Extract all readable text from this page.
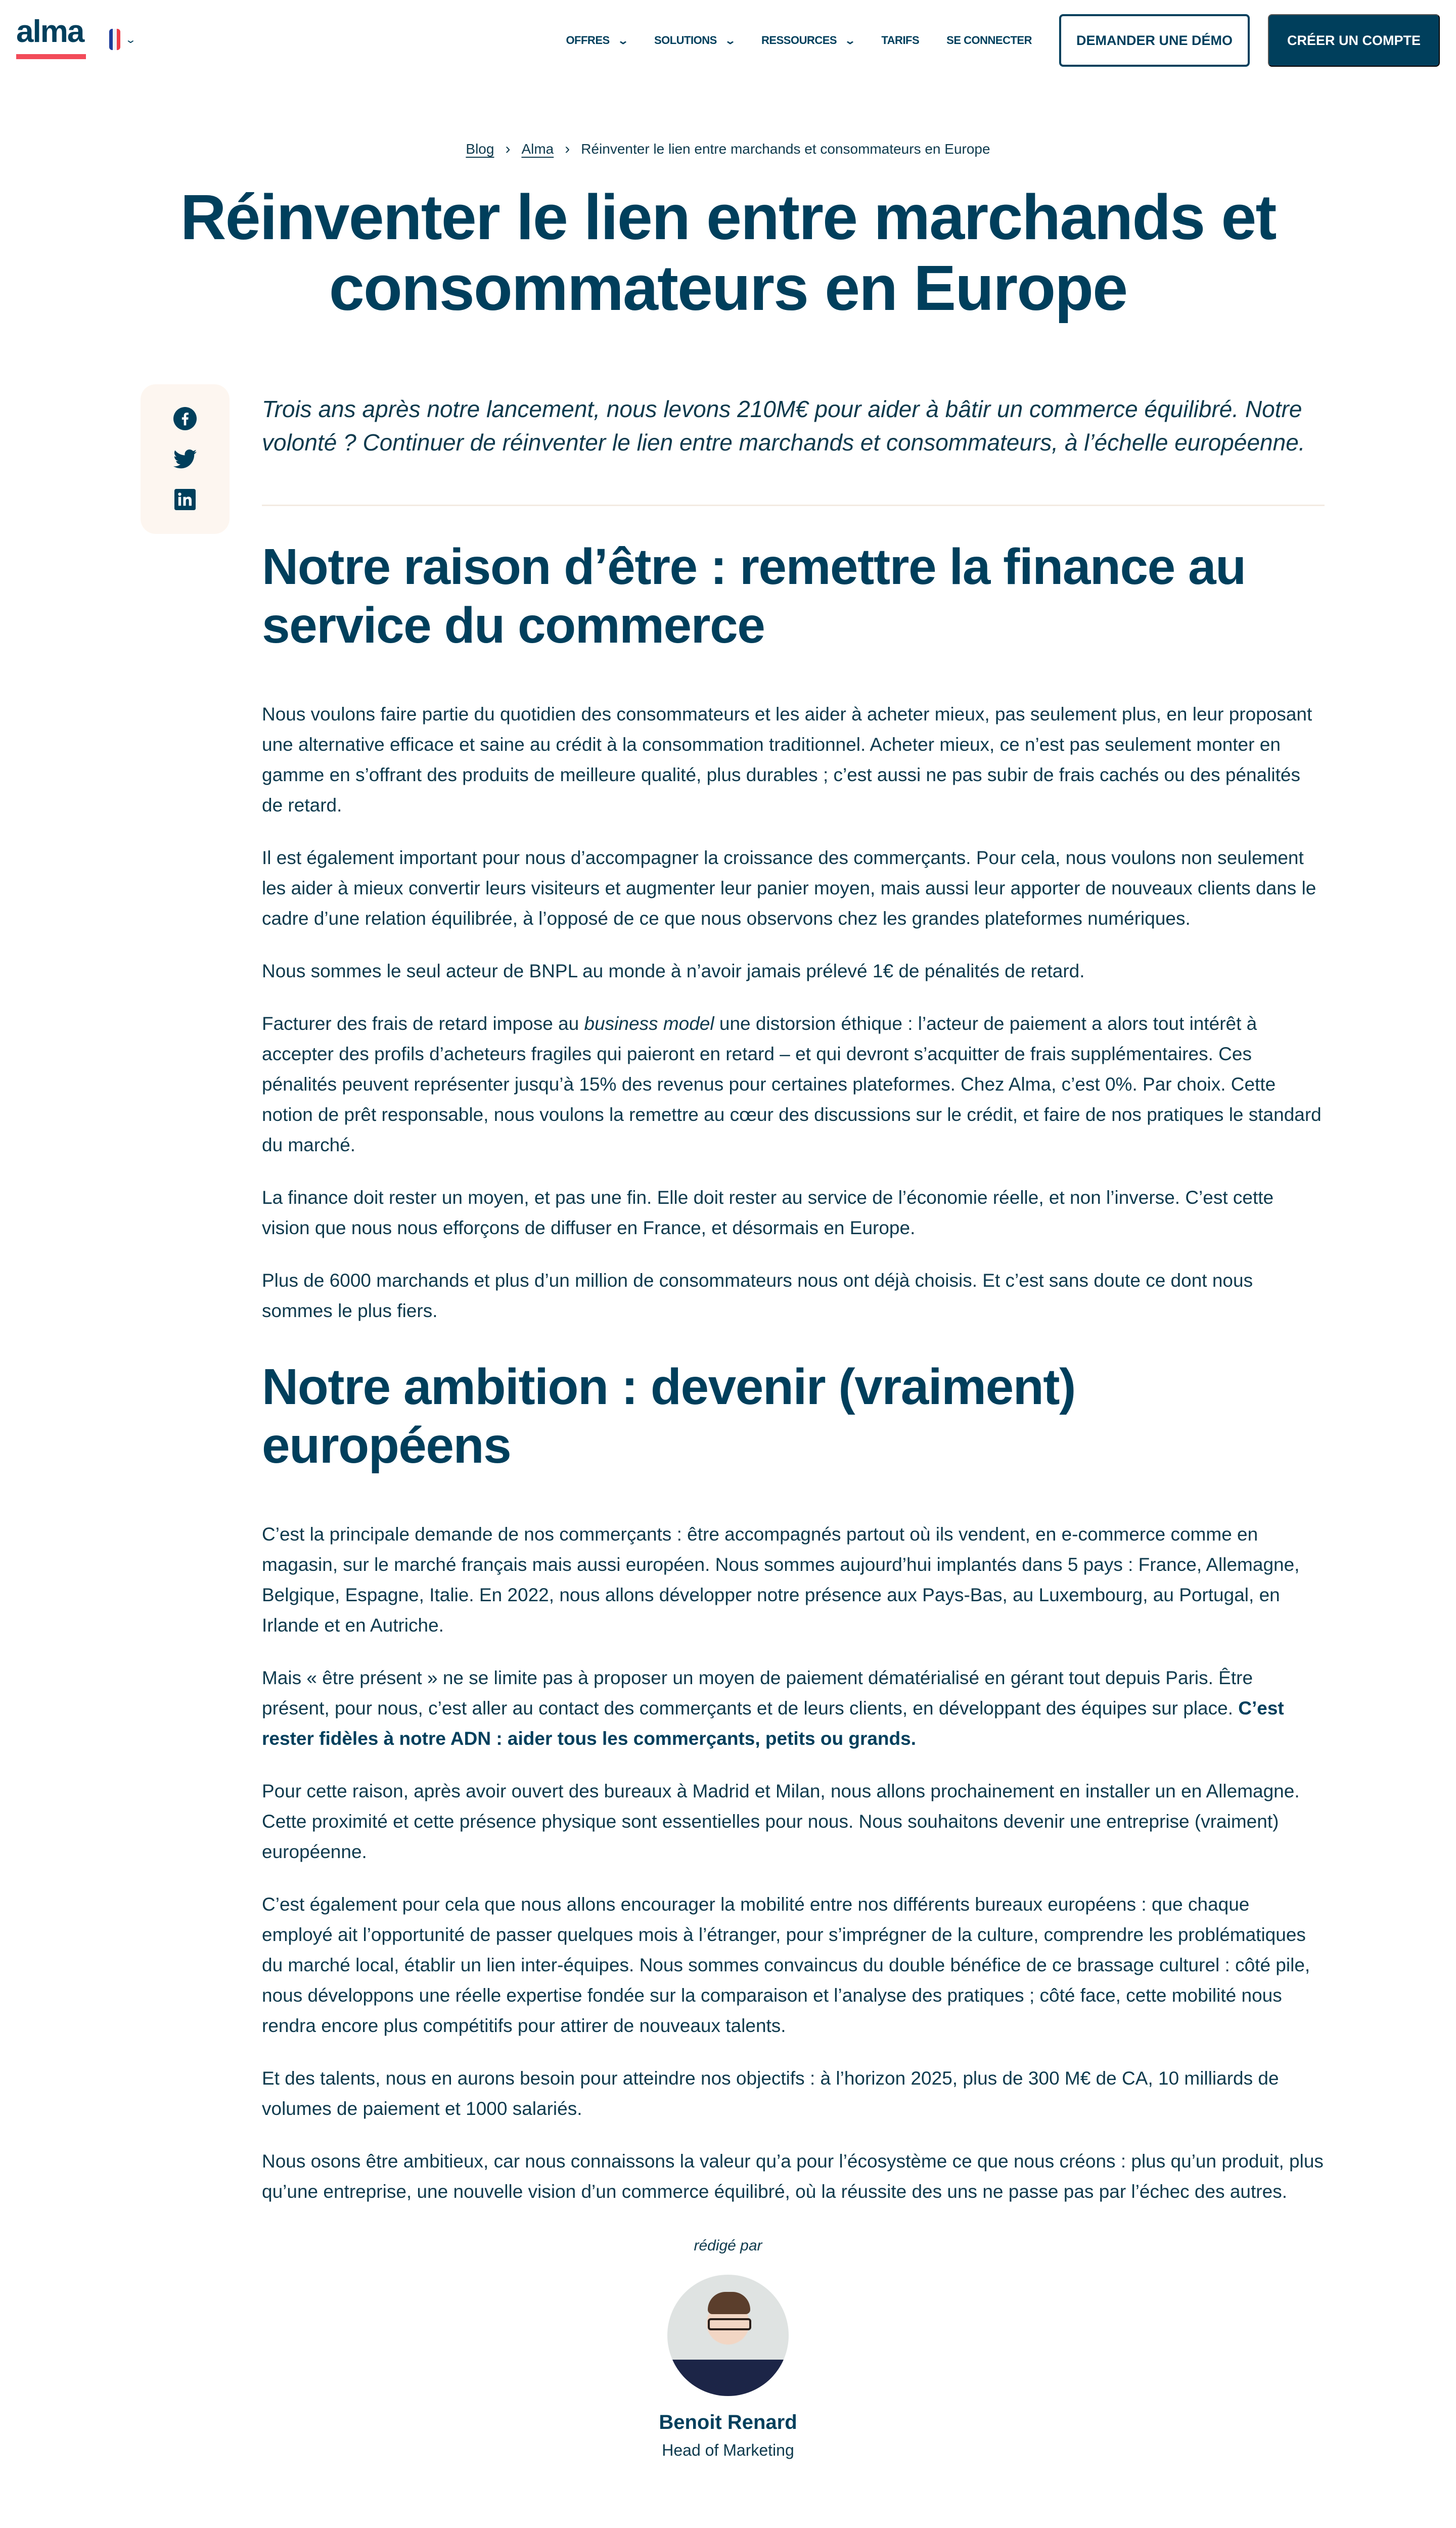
alma	⌄	OFFRES ⌄ SOLUTIONS ⌄ RESSOURCES ⌄ TARIFS SE CONNECTER	DEMANDER UNE DÉMO	CRÉER UN COMPTE
Blog › Alma › Réinventer le lien entre marchands et consommateurs en Europe
Réinventer le lien entre marchands et consommateurs en Europe

Trois ans après notre lancement, nous levons 210M€ pour aider à bâtir un commerce équilibré. Notre volonté ? Continuer de réinventer le lien entre marchands et consommateurs, à l’échelle européenne.

Notre raison d’être : remettre la finance au service du commerce

Nous voulons faire partie du quotidien des consommateurs et les aider à acheter mieux, pas seulement plus, en leur proposant une alternative efficace et saine au crédit à la consommation traditionnel. Acheter mieux, ce n’est pas seulement monter en gamme en s’offrant des produits de meilleure qualité, plus durables ; c’est aussi ne pas subir de frais cachés ou des pénalités de retard.

Il est également important pour nous d’accompagner la croissance des commerçants. Pour cela, nous voulons non seulement les aider à mieux convertir leurs visiteurs et augmenter leur panier moyen, mais aussi leur apporter de nouveaux clients dans le cadre d’une relation équilibrée, à l’opposé de ce que nous observons chez les grandes plateformes numériques.

Nous sommes le seul acteur de BNPL au monde à n’avoir jamais prélevé 1€ de pénalités de retard.

Facturer des frais de retard impose au business model une distorsion éthique : l’acteur de paiement a alors tout intérêt à accepter des profils d’acheteurs fragiles qui paieront en retard – et qui devront s’acquitter de frais supplémentaires. Ces pénalités peuvent représenter jusqu’à 15% des revenus pour certaines plateformes. Chez Alma, c’est 0%. Par choix. Cette notion de prêt responsable, nous voulons la remettre au cœur des discussions sur le crédit, et faire de nos pratiques le standard du marché.

La finance doit rester un moyen, et pas une fin. Elle doit rester au service de l’économie réelle, et non l’inverse. C’est cette vision que nous nous efforçons de diffuser en France, et désormais en Europe.

Plus de 6000 marchands et plus d’un million de consommateurs nous ont déjà choisis. Et c’est sans doute ce dont nous sommes le plus fiers.

Notre ambition : devenir (vraiment) européens

C’est la principale demande de nos commerçants : être accompagnés partout où ils vendent, en e-commerce comme en magasin, sur le marché français mais aussi européen. Nous sommes aujourd’hui implantés dans 5 pays : France, Allemagne, Belgique, Espagne, Italie. En 2022, nous allons développer notre présence aux Pays-Bas, au Luxembourg, au Portugal, en Irlande et en Autriche.

Mais « être présent » ne se limite pas à proposer un moyen de paiement dématérialisé en gérant tout depuis Paris. Être présent, pour nous, c’est aller au contact des commerçants et de leurs clients, en développant des équipes sur place. C’est rester fidèles à notre ADN : aider tous les commerçants, petits ou grands.

Pour cette raison, après avoir ouvert des bureaux à Madrid et Milan, nous allons prochainement en installer un en Allemagne. Cette proximité et cette présence physique sont essentielles pour nous. Nous souhaitons devenir une entreprise (vraiment) européenne.

C’est également pour cela que nous allons encourager la mobilité entre nos différents bureaux européens : que chaque employé ait l’opportunité de passer quelques mois à l’étranger, pour s’imprégner de la culture, comprendre les problématiques du marché local, établir un lien inter-équipes. Nous sommes convaincus du double bénéfice de ce brassage culturel : côté pile, nous développons une réelle expertise fondée sur la comparaison et l’analyse des pratiques ; côté face, cette mobilité nous rendra encore plus compétitifs pour attirer de nouveaux talents.

Et des talents, nous en aurons besoin pour atteindre nos objectifs : à l’horizon 2025, plus de 300 M€ de CA, 10 milliards de volumes de paiement et 1000 salariés.

Nous osons être ambitieux, car nous connaissons la valeur qu’a pour l’écosystème ce que nous créons : plus qu’un produit, plus qu’une entreprise, une nouvelle vision d’un commerce équilibré, où la réussite des uns ne passe pas par l’échec des autres.

rédigé par
Benoit Renard
Head of Marketing
